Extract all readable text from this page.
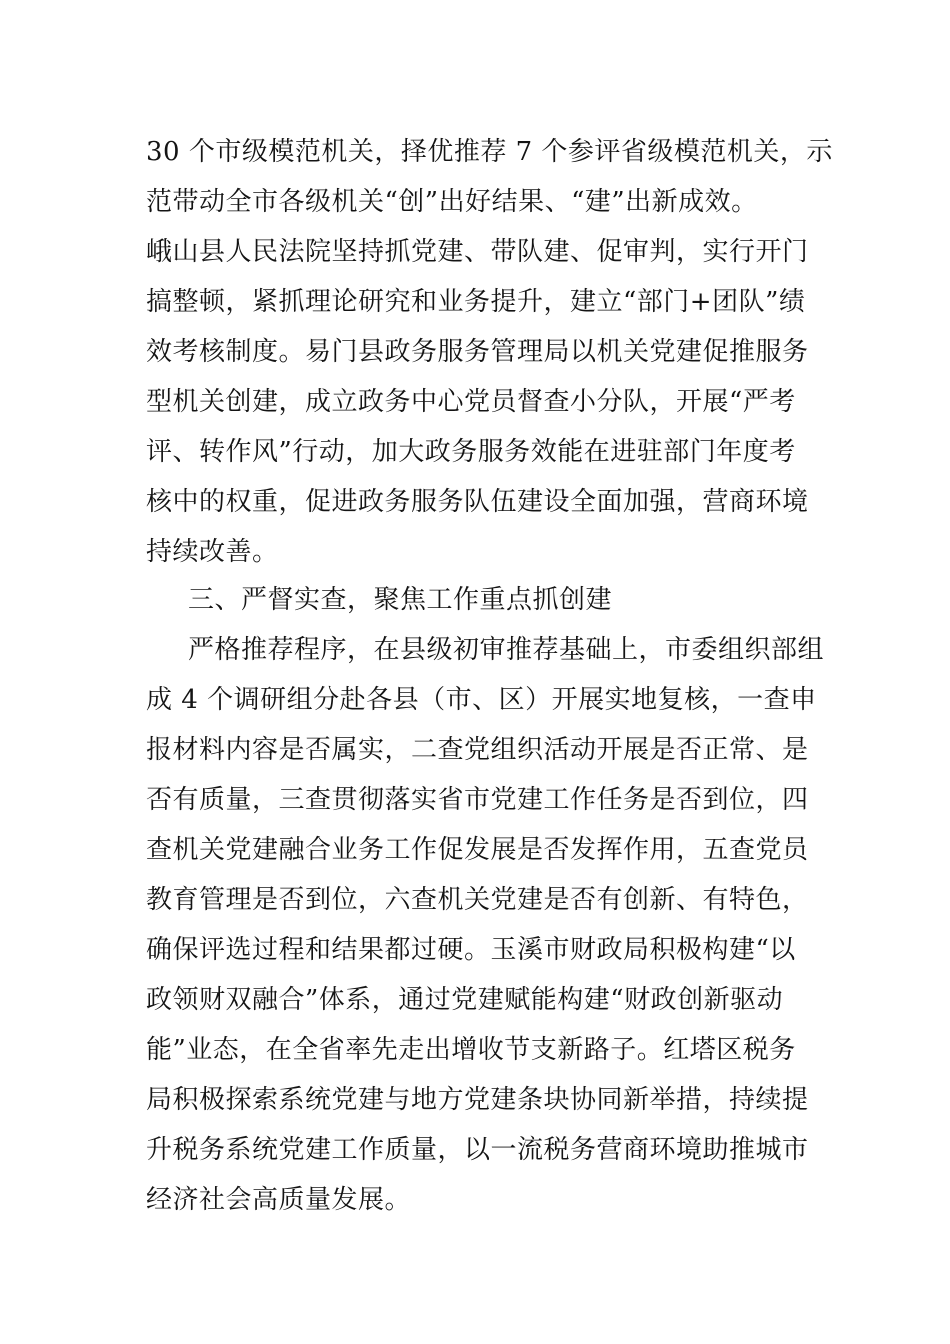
30 个市级模范机关，择优推荐 7 个参评省级模范机关，示
范带动全市各级机关“创”出好结果、“建”出新成效。
峨山县人民法院坚持抓党建、带队建、促审判，实行开门
搞整顿，紧抓理论研究和业务提升，建立“部门+团队”绩
效考核制度。易门县政务服务管理局以机关党建促推服务
型机关创建，成立政务中心党员督查小分队，开展“严考
评、转作风”行动，加大政务服务效能在进驻部门年度考
核中的权重，促进政务服务队伍建设全面加强，营商环境
持续改善。
三、严督实查，聚焦工作重点抓创建
严格推荐程序，在县级初审推荐基础上，市委组织部组
成 4 个调研组分赴各县（市、区）开展实地复核，一查申
报材料内容是否属实，二查党组织活动开展是否正常、是
否有质量，三查贯彻落实省市党建工作任务是否到位，四
查机关党建融合业务工作促发展是否发挥作用，五查党员
教育管理是否到位，六查机关党建是否有创新、有特色，
确保评选过程和结果都过硬。玉溪市财政局积极构建“以
政领财双融合”体系，通过党建赋能构建“财政创新驱动
能”业态，在全省率先走出增收节支新路子。红塔区税务
局积极探索系统党建与地方党建条块协同新举措，持续提
升税务系统党建工作质量，以一流税务营商环境助推城市
经济社会高质量发展。
